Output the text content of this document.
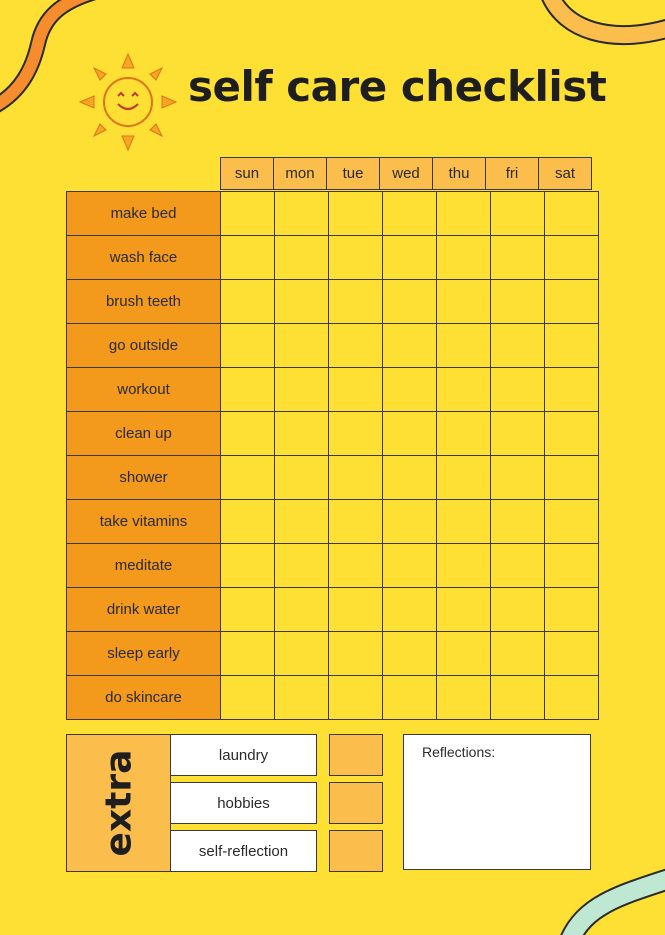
self care checklist
sun	mon	tue	wed	thu	fri	sat
make bed
wash face
brush teeth
go outside
workout
clean up
shower
take vitamins
meditate
drink water
sleep early
do skincare
extra	laundry
hobbies
self-reflection
Reflections:
